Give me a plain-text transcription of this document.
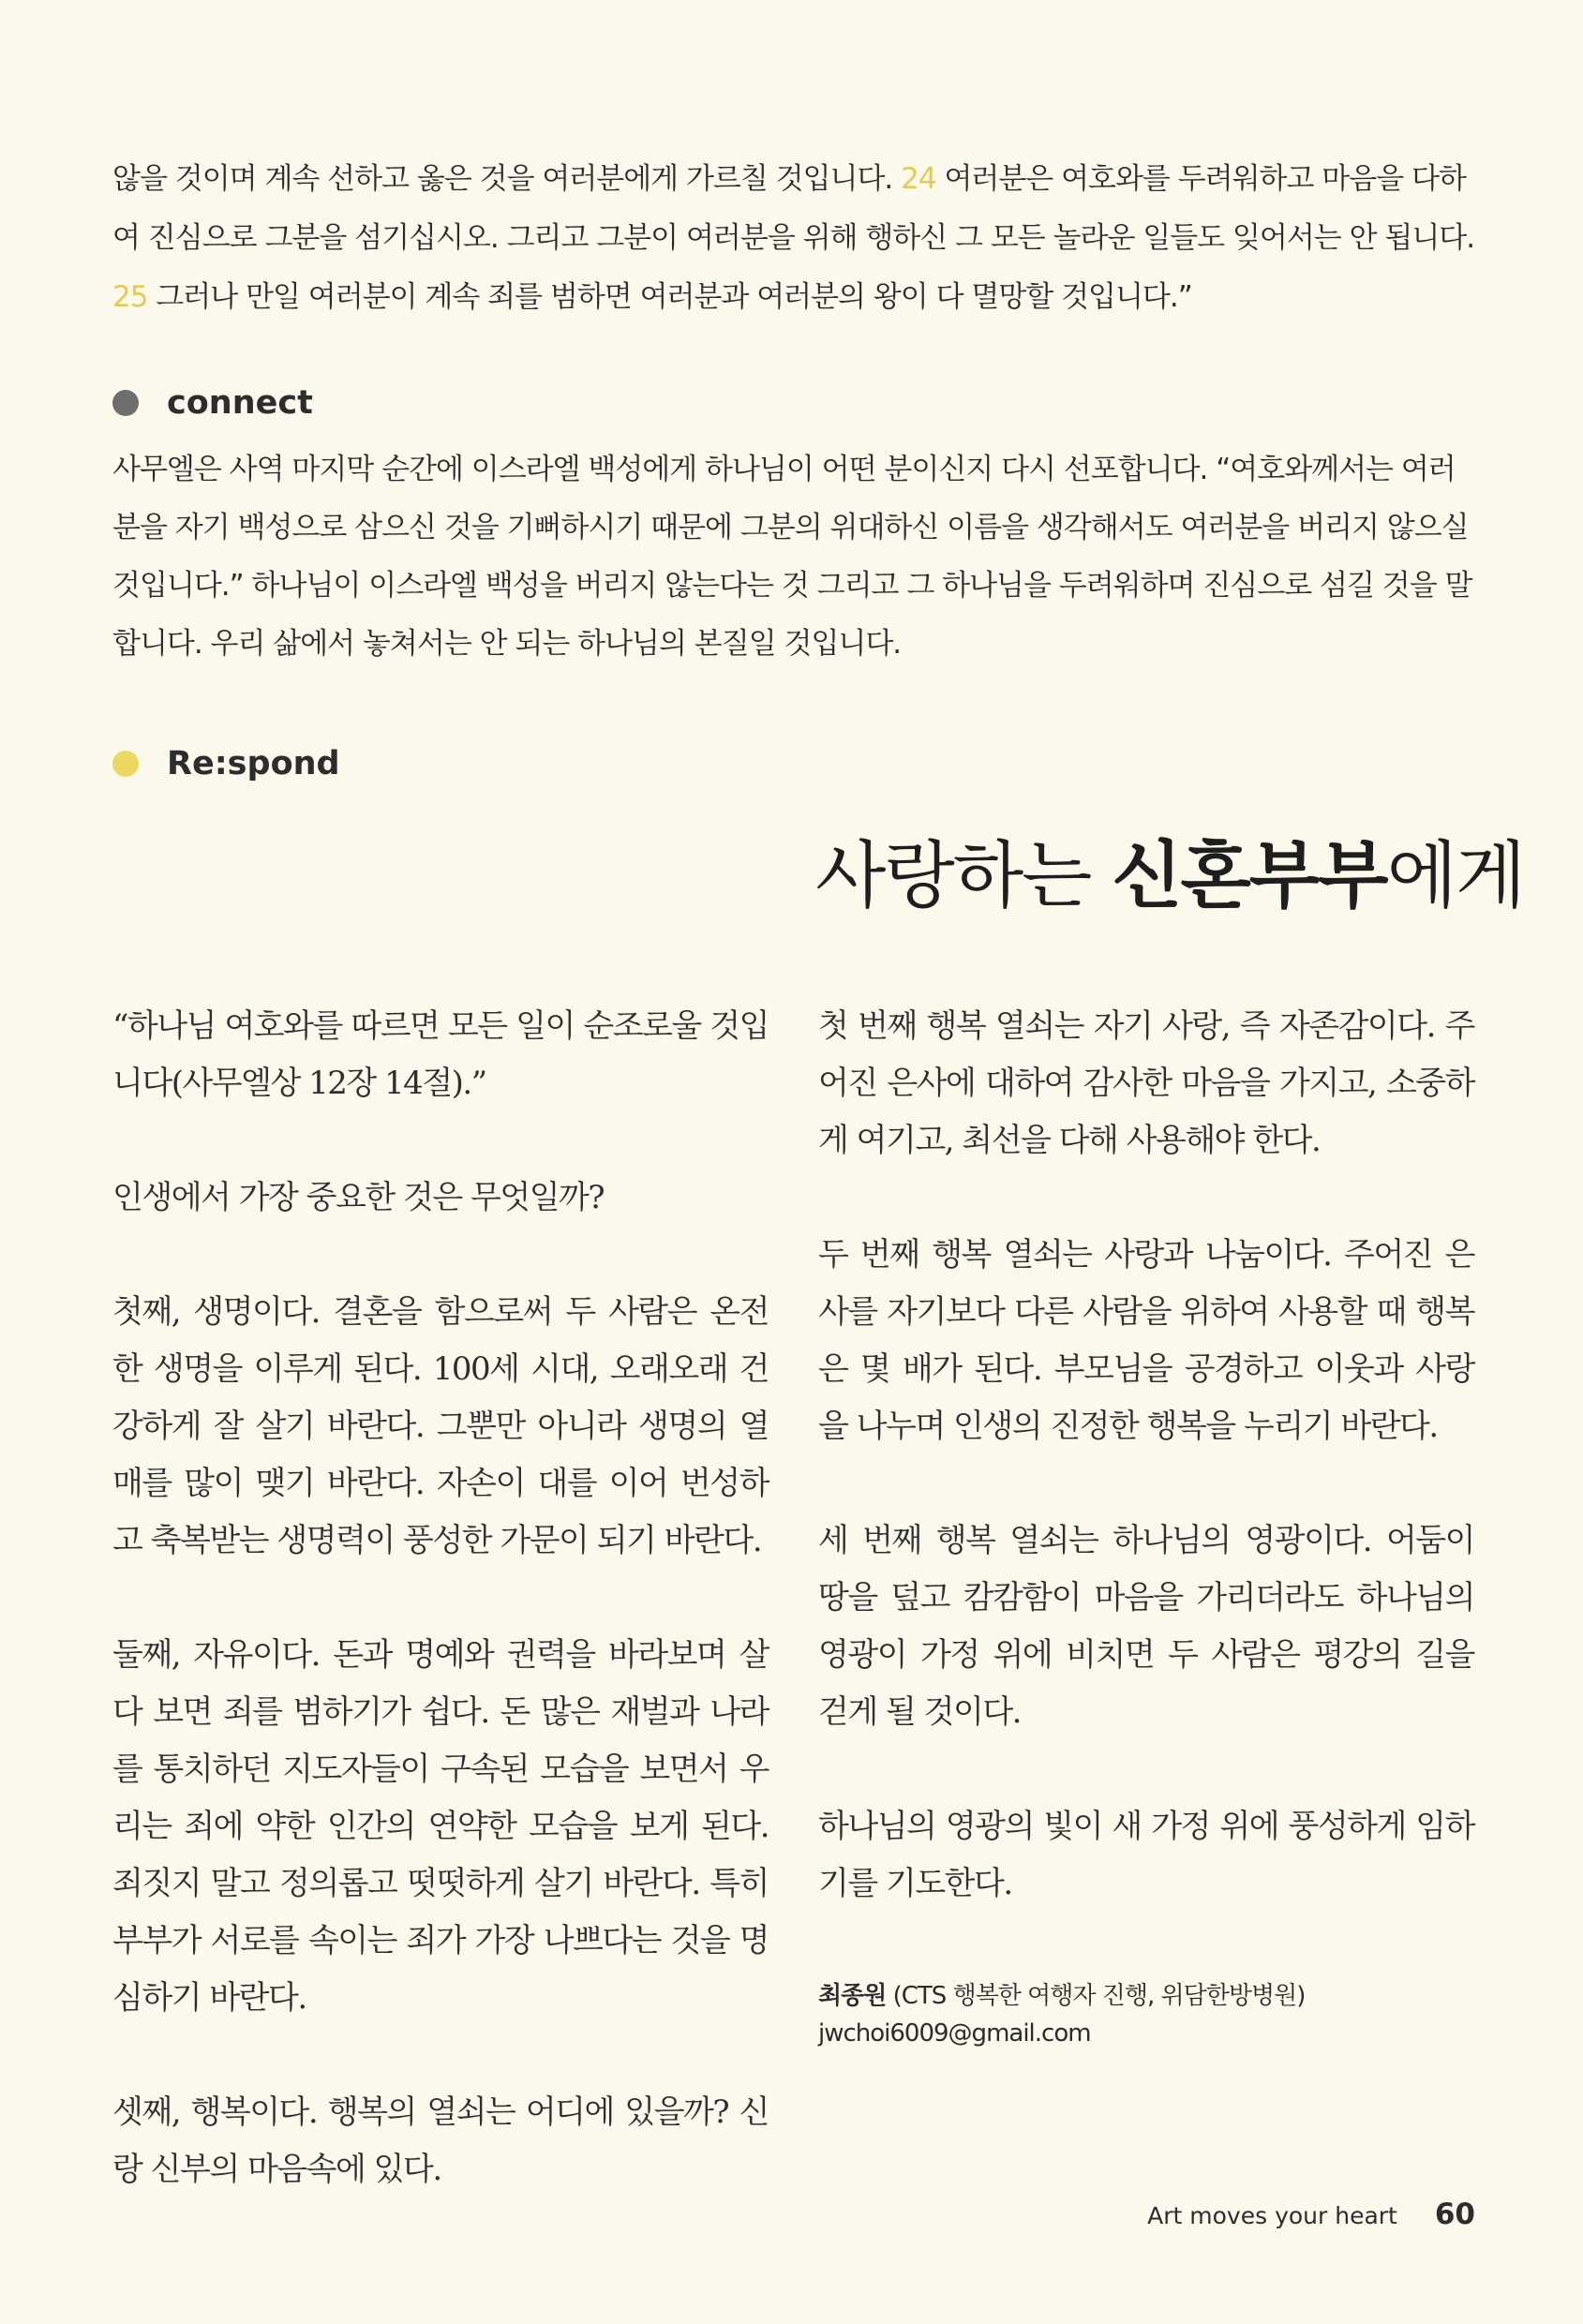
않을 것이며 계속 선하고 옳은 것을 여러분에게 가르칠 것입니다. 24 여러분은 여호와를 두려워하고 마음을 다하여 진심으로 그분을 섬기십시오. 그리고 그분이 여러분을 위해 행하신 그 모든 놀라운 일들도 잊어서는 안 됩니다. 25 그러나 만일 여러분이 계속 죄를 범하면 여러분과 여러분의 왕이 다 멸망할 것입니다.”
connect
사무엘은 사역 마지막 순간에 이스라엘 백성에게 하나님이 어떤 분이신지 다시 선포합니다. “여호와께서는 여러분을 자기 백성으로 삼으신 것을 기뻐하시기 때문에 그분의 위대하신 이름을 생각해서도 여러분을 버리지 않으실 것입니다.” 하나님이 이스라엘 백성을 버리지 않는다는 것 그리고 그 하나님을 두려워하며 진심으로 섬길 것을 말합니다. 우리 삶에서 놓쳐서는 안 되는 하나님의 본질일 것입니다.
Re:spond
사랑하는 신혼부부에게

“하나님 여호와를 따르면 모든 일이 순조로울 것입니다(사무엘상 12장 14절).”

인생에서 가장 중요한 것은 무엇일까?

첫째, 생명이다. 결혼을 함으로써 두 사람은 온전한 생명을 이루게 된다. 100세 시대, 오래오래 건강하게 잘 살기 바란다. 그뿐만 아니라 생명의 열매를 많이 맺기 바란다. 자손이 대를 이어 번성하고 축복받는 생명력이 풍성한 가문이 되기 바란다.

둘째, 자유이다. 돈과 명예와 권력을 바라보며 살다 보면 죄를 범하기가 쉽다. 돈 많은 재벌과 나라를 통치하던 지도자들이 구속된 모습을 보면서 우리는 죄에 약한 인간의 연약한 모습을 보게 된다. 죄짓지 말고 정의롭고 떳떳하게 살기 바란다. 특히 부부가 서로를 속이는 죄가 가장 나쁘다는 것을 명심하기 바란다.

셋째, 행복이다. 행복의 열쇠는 어디에 있을까? 신랑 신부의 마음속에 있다.

첫 번째 행복 열쇠는 자기 사랑, 즉 자존감이다. 주어진 은사에 대하여 감사한 마음을 가지고, 소중하게 여기고, 최선을 다해 사용해야 한다.

두 번째 행복 열쇠는 사랑과 나눔이다. 주어진 은사를 자기보다 다른 사람을 위하여 사용할 때 행복은 몇 배가 된다. 부모님을 공경하고 이웃과 사랑을 나누며 인생의 진정한 행복을 누리기 바란다.

세 번째 행복 열쇠는 하나님의 영광이다. 어둠이 땅을 덮고 캄캄함이 마음을 가리더라도 하나님의 영광이 가정 위에 비치면 두 사람은 평강의 길을 걷게 될 것이다.

하나님의 영광의 빛이 새 가정 위에 풍성하게 임하기를 기도한다.

최종원 (CTS 행복한 여행자 진행, 위담한방병원)
jwchoi6009@gmail.com
Art moves your heart 60
